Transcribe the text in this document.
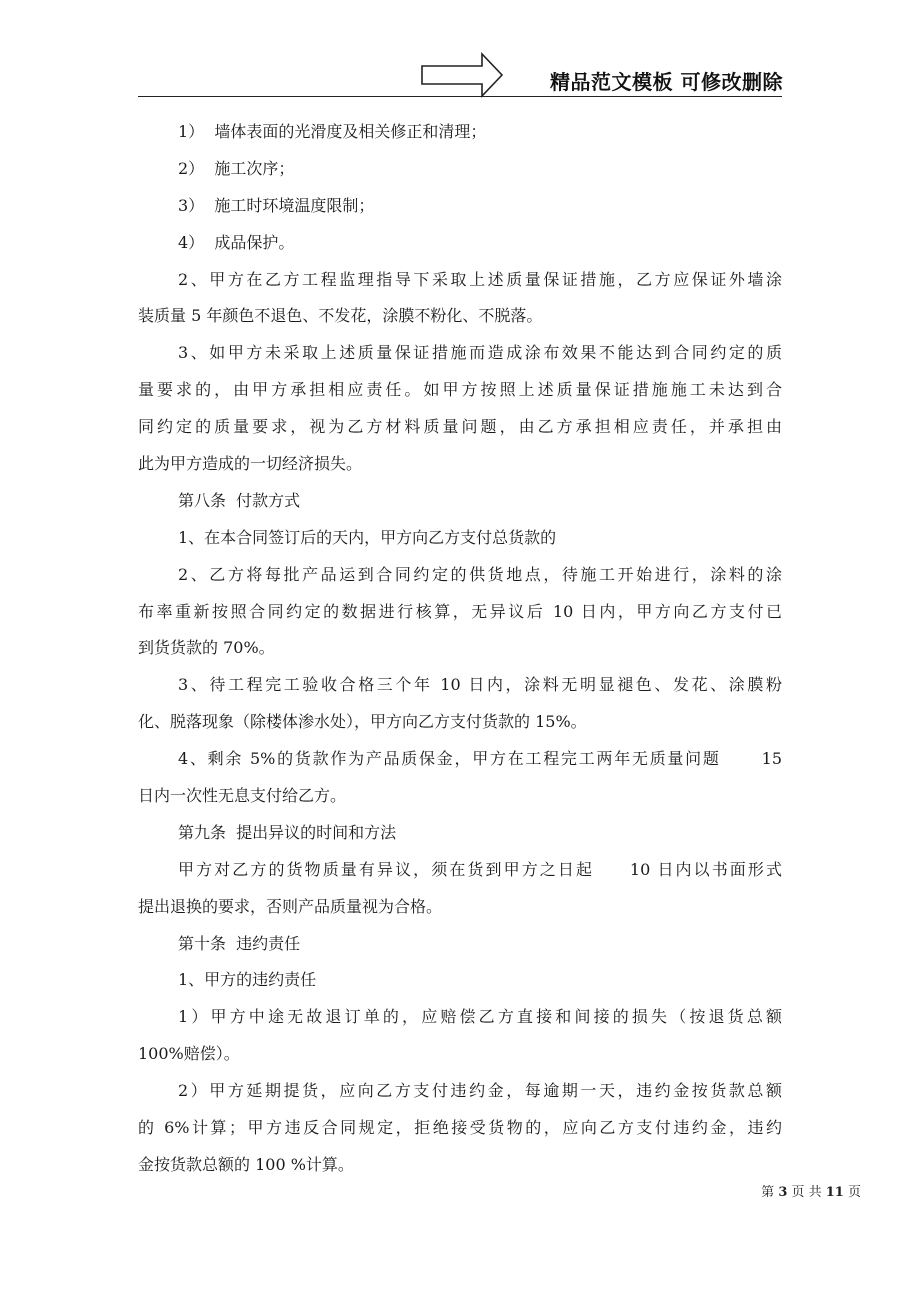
精品范文模板 可修改删除
1）  墙体表面的光滑度及相关修正和清理；
2）  施工次序；
3）  施工时环境温度限制；
4）  成品保护。
2、甲方在乙方工程监理指导下采取上述质量保证措施，乙方应保证外墙涂
装质量 5 年颜色不退色、不发花，涂膜不粉化、不脱落。
3、如甲方未采取上述质量保证措施而造成涂布效果不能达到合同约定的质
量要求的，由甲方承担相应责任。如甲方按照上述质量保证措施施工未达到合
同约定的质量要求，视为乙方材料质量问题，由乙方承担相应责任，并承担由
此为甲方造成的一切经济损失。
第八条  付款方式
1、在本合同签订后的天内，甲方向乙方支付总货款的
2、乙方将每批产品运到合同约定的供货地点，待施工开始进行，涂料的涂
布率重新按照合同约定的数据进行核算，无异议后 10 日内，甲方向乙方支付已
到货货款的 70%。
3、待工程完工验收合格三个年 10 日内，涂料无明显褪色、发花、涂膜粉
化、脱落现象（除楼体渗水处），甲方向乙方支付货款的 15%。
4、剩余 5%的货款作为产品质保金，甲方在工程完工两年无质量问题      15
日内一次性无息支付给乙方。
第九条  提出异议的时间和方法
甲方对乙方的货物质量有异议，须在货到甲方之日起     10 日内以书面形式
提出退换的要求，否则产品质量视为合格。
第十条  违约责任
1、甲方的违约责任
1）甲方中途无故退订单的，应赔偿乙方直接和间接的损失（按退货总额
100%赔偿）。
2）甲方延期提货，应向乙方支付违约金，每逾期一天，违约金按货款总额
的 6%计算；甲方违反合同规定，拒绝接受货物的，应向乙方支付违约金，违约
金按货款总额的 100 %计算。
第 3 页 共 11 页
